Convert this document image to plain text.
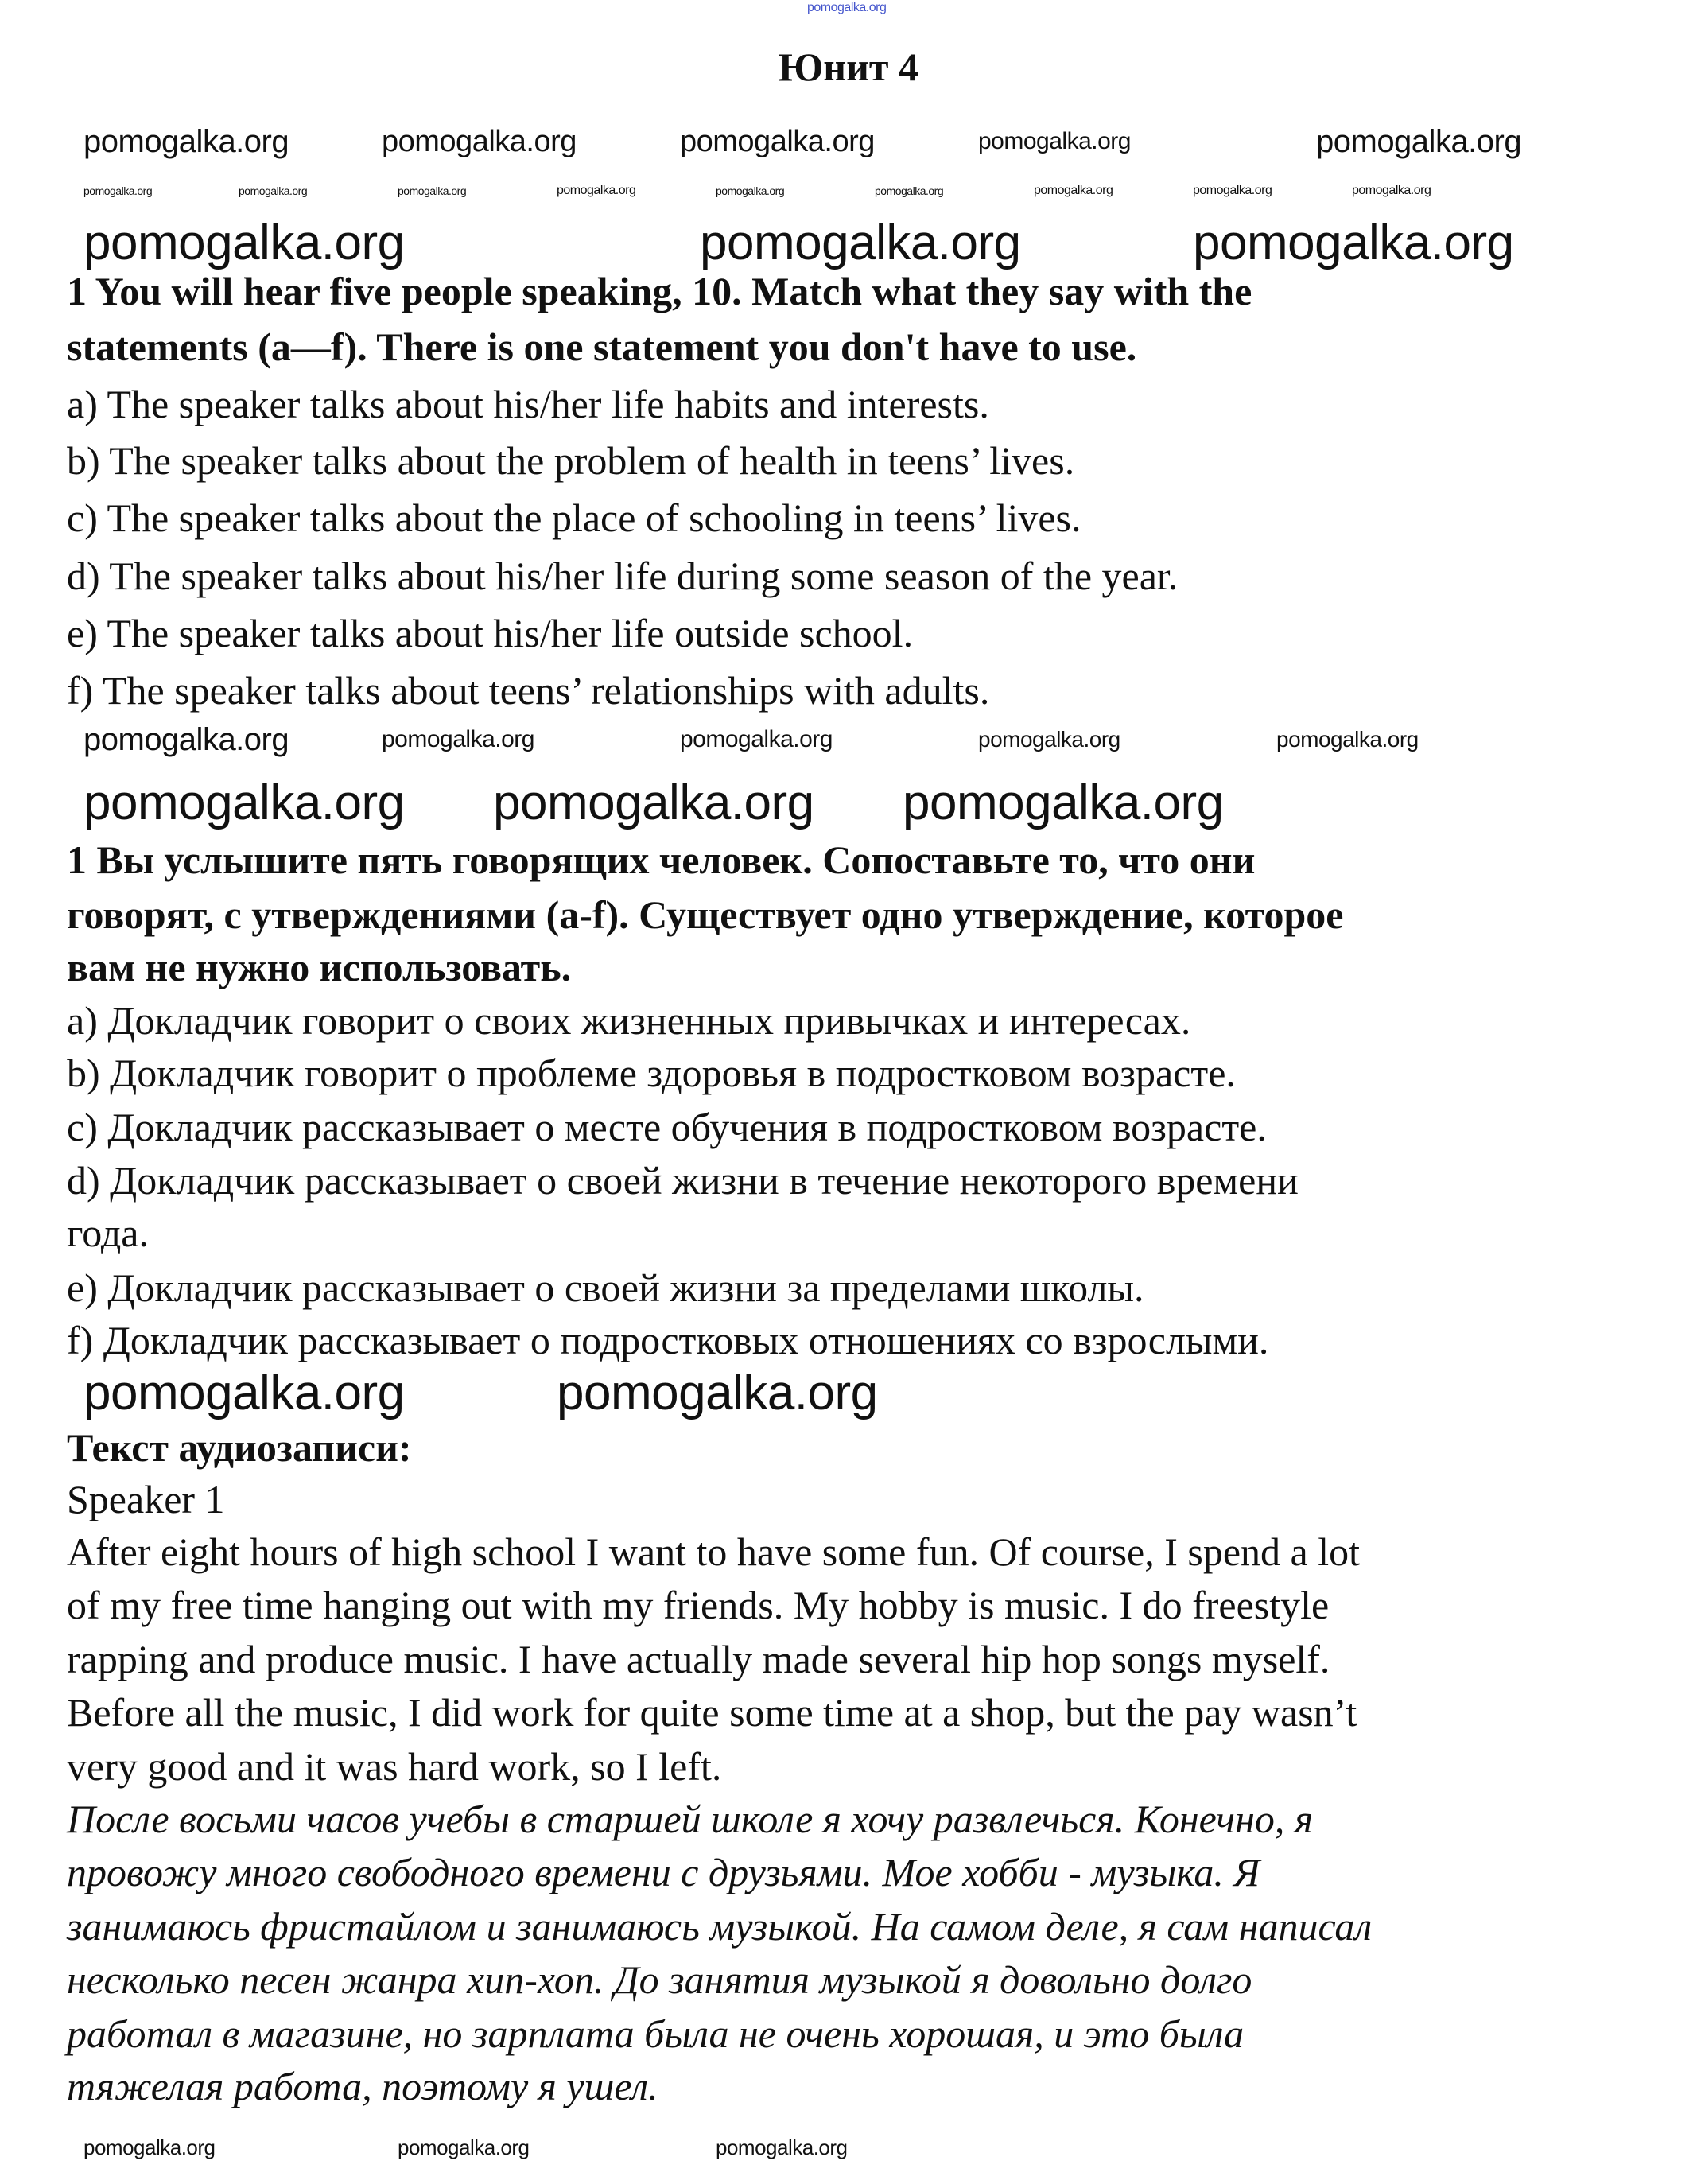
Юнит 4
1 You will hear five people speaking, 10. Match what they say with the
statements (a—f). There is one statement you don't have to use.
a) The speaker talks about his/her life habits and interests.
b) The speaker talks about the problem of health in teens’ lives.
c) The speaker talks about the place of schooling in teens’ lives.
d) The speaker talks about his/her life during some season of the year.
e) The speaker talks about his/her life outside school.
f) The speaker talks about teens’ relationships with adults.
1 Вы услышите пять говорящих человек. Сопоставьте то, что они
говорят, с утверждениями (a-f). Существует одно утверждение, которое
вам не нужно использовать.
a) Докладчик говорит о своих жизненных привычках и интересах.
b) Докладчик говорит о проблеме здоровья в подростковом возрасте.
c) Докладчик рассказывает о месте обучения в подростковом возрасте.
d) Докладчик рассказывает о своей жизни в течение некоторого времени
года.
e) Докладчик рассказывает о своей жизни за пределами школы.
f) Докладчик рассказывает о подростковых отношениях со взрослыми.
Текст аудиозаписи:
Speaker 1
After eight hours of high school I want to have some fun. Of course, I spend a lot
of my free time hanging out with my friends. My hobby is music. I do freestyle
rapping and produce music. I have actually made several hip hop songs myself.
Before all the music, I did work for quite some time at a shop, but the pay wasn’t
very good and it was hard work, so I left.
После восьми часов учебы в старшей школе я хочу развлечься. Конечно, я
провожу много свободного времени с друзьями. Мое хобби - музыка. Я
занимаюсь фристайлом и занимаюсь музыкой. На самом деле, я сам написал
несколько песен жанра хип-хоп. До занятия музыкой я довольно долго
работал в магазине, но зарплата была не очень хорошая, и это была
тяжелая работа, поэтому я ушел.
pomogalka.org
pomogalka.org
pomogalka.org	pomogalka.org	pomogalka.org	pomogalka.org
pomogalka.org	pomogalka.org	pomogalka.org	pomogalka.org	pomogalka.org	pomogalka.org	pomogalka.org	pomogalka.org	pomogalka.org
pomogalka.org	pomogalka.org	pomogalka.org
pomogalka.org	pomogalka.org	pomogalka.org	pomogalka.org	pomogalka.org
pomogalka.org pomogalka.org pomogalka.org
pomogalka.org	pomogalka.org
pomogalka.org	pomogalka.org	pomogalka.org
